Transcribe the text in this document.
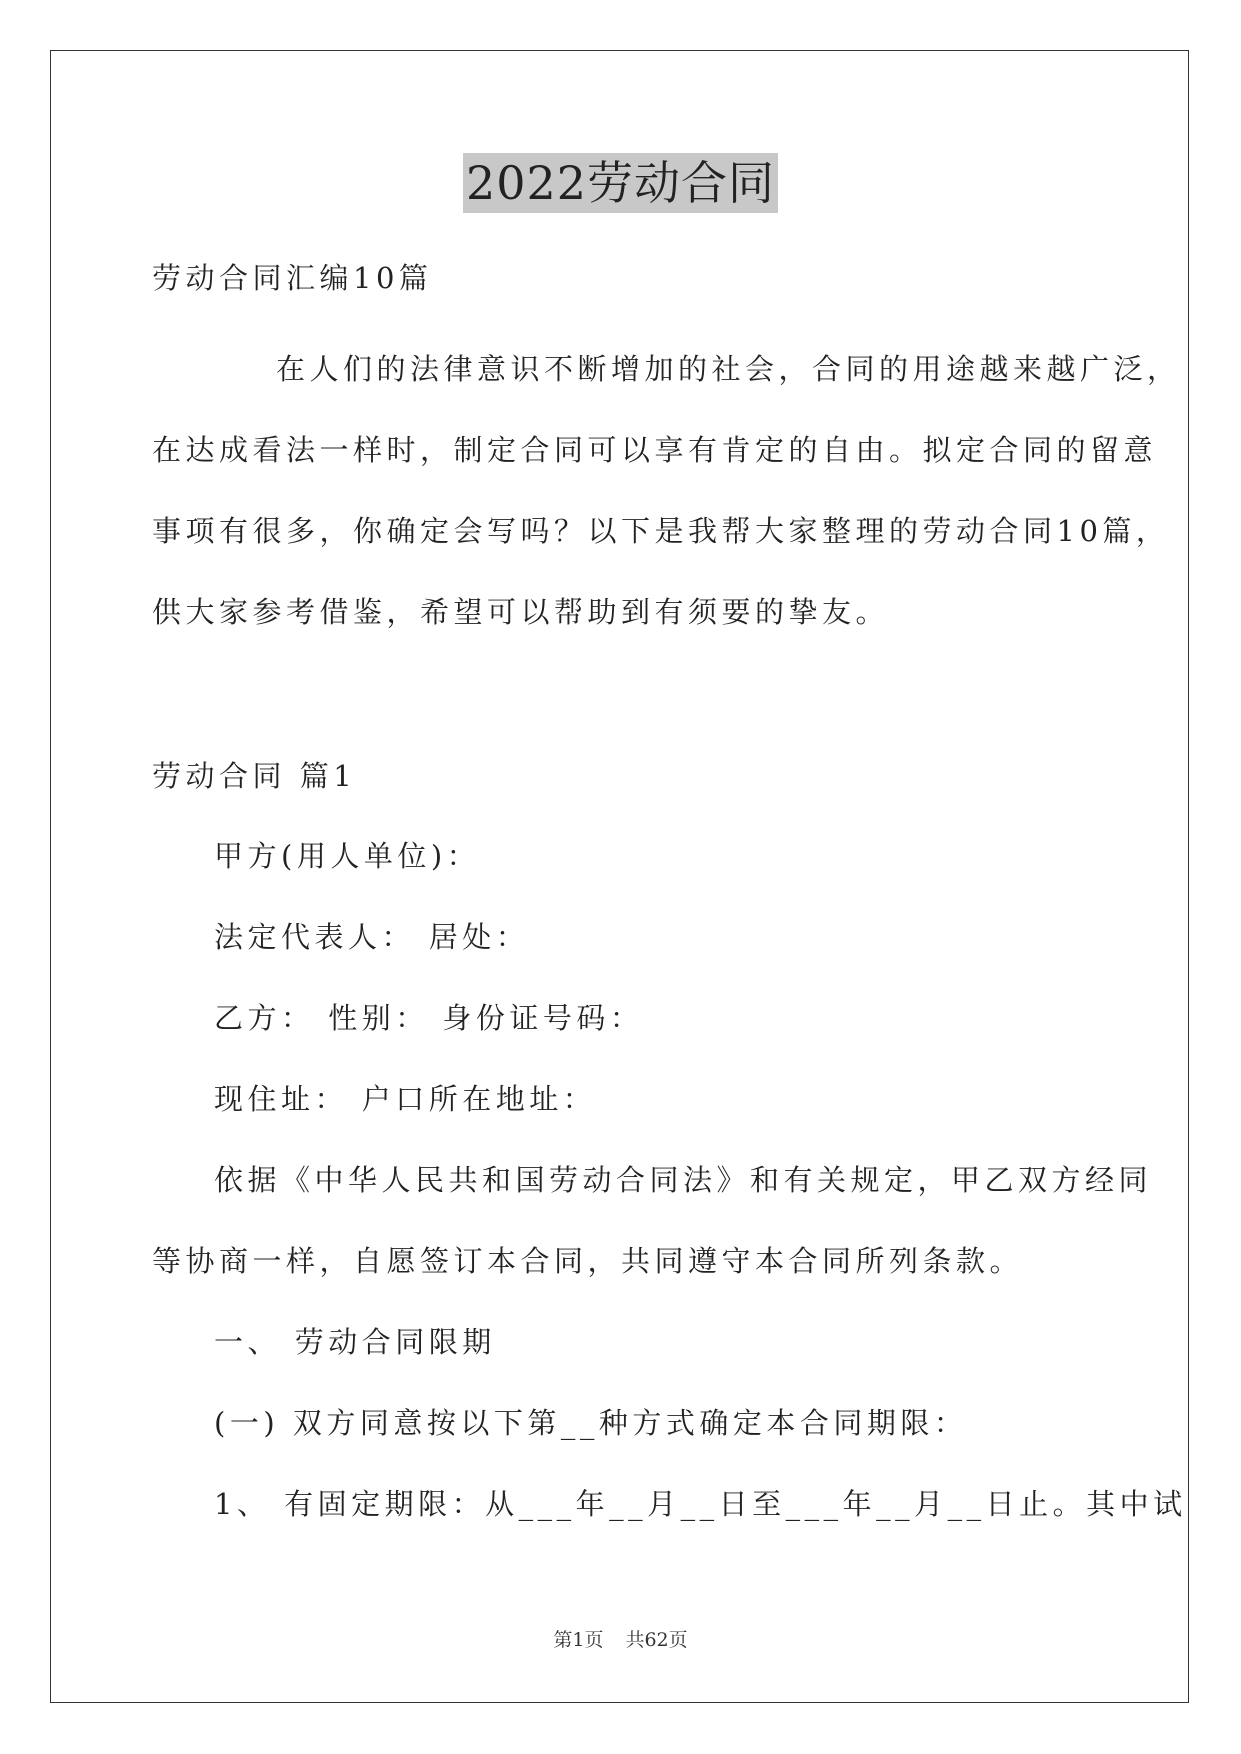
2022劳动合同
劳动合同汇编10篇
在人们的法律意识不断增加的社会，合同的用途越来越广泛，
在达成看法一样时，制定合同可以享有肯定的自由。拟定合同的留意
事项有很多，你确定会写吗？以下是我帮大家整理的劳动合同10篇，
供大家参考借鉴，希望可以帮助到有须要的挚友。
劳动合同 篇1
甲方(用人单位)：
法定代表人： 居处：
乙方： 性别： 身份证号码：
现住址： 户口所在地址：
依据《中华人民共和国劳动合同法》和有关规定，甲乙双方经同
等协商一样，自愿签订本合同，共同遵守本合同所列条款。
一、 劳动合同限期
(一) 双方同意按以下第__种方式确定本合同期限：
1、 有固定期限：从___年__月__日至___年__月__日止。其中试
第1页 共62页
